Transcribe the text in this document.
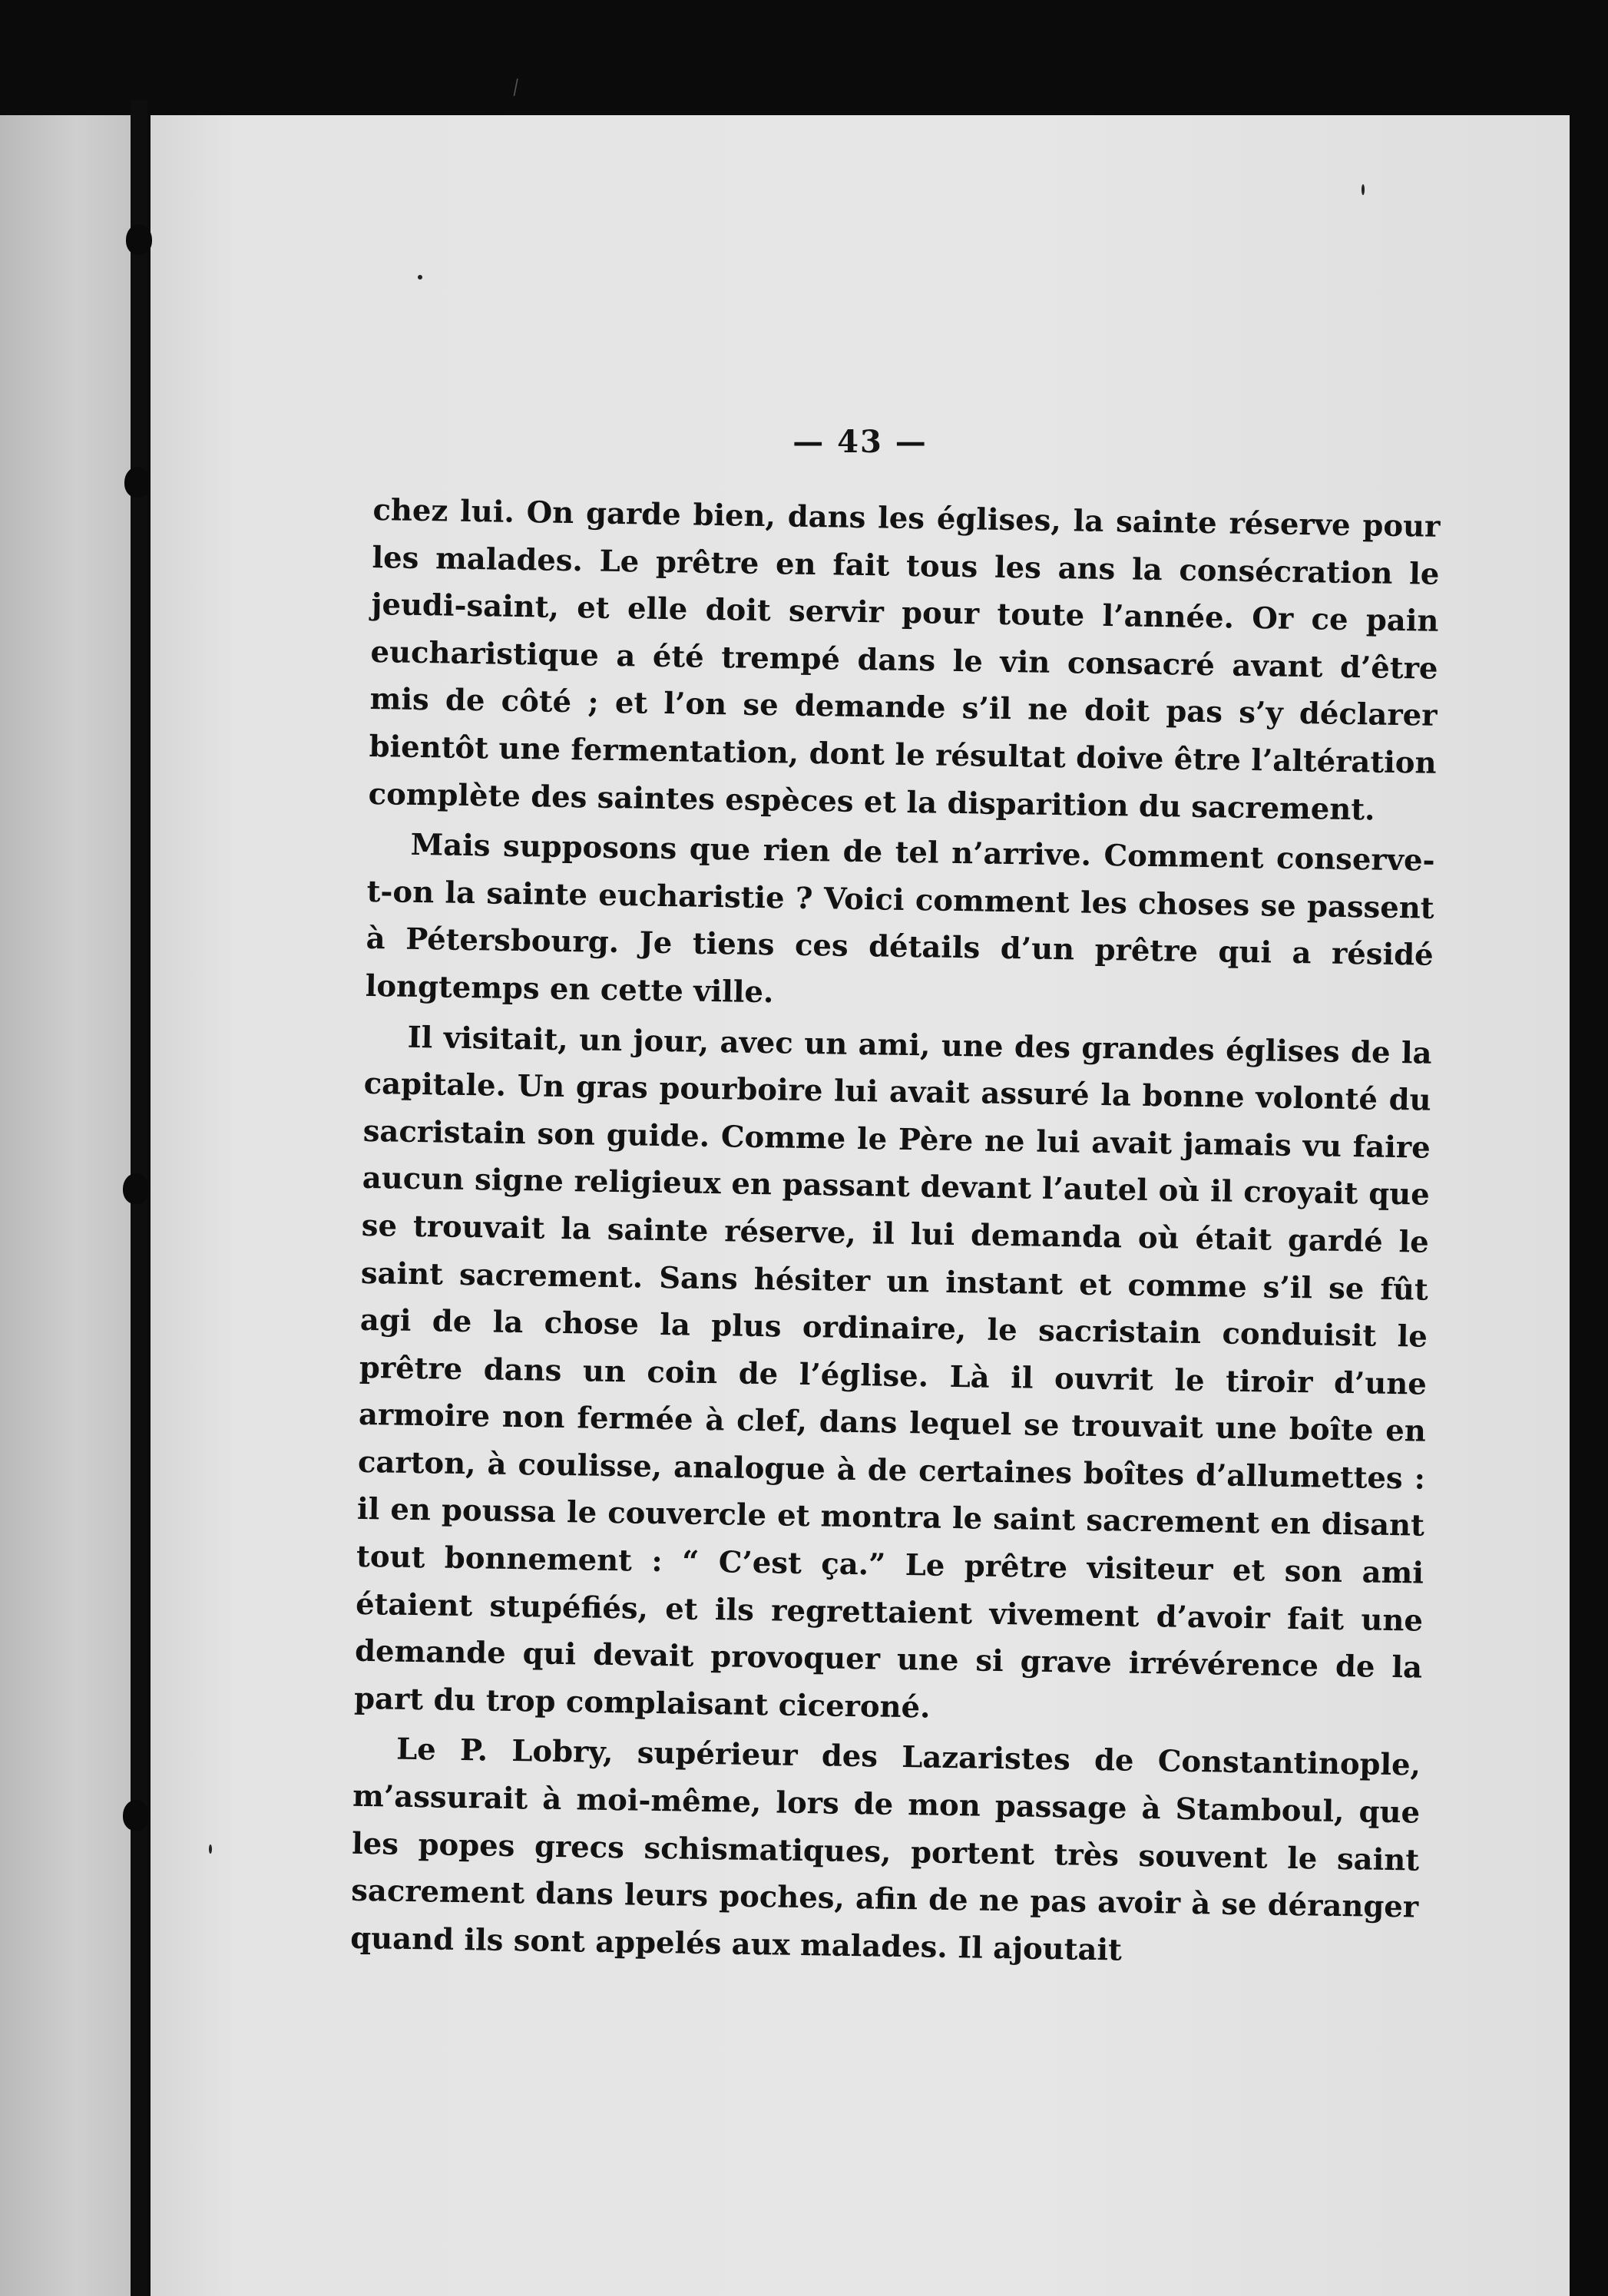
⁄
— 43 —

chez lui. On garde bien, dans les églises, la sainte réserve pour les malades. Le prêtre en fait tous les ans la consécration le jeudi-saint, et elle doit servir pour toute l’année. Or ce pain eucharistique a été trempé dans le vin consacré avant d’être mis de côté ; et l’on se demande s’il ne doit pas s’y déclarer bientôt une fermentation, dont le résultat doive être l’altération complète des saintes espèces et la disparition du sacrement.

Mais supposons que rien de tel n’arrive. Comment conserve-t-on la sainte eucharistie ? Voici comment les choses se passent à Pétersbourg. Je tiens ces détails d’un prêtre qui a résidé longtemps en cette ville.

Il visitait, un jour, avec un ami, une des grandes églises de la capitale. Un gras pourboire lui avait assuré la bonne volonté du sacristain son guide. Comme le Père ne lui avait jamais vu faire aucun signe religieux en passant devant l’autel où il croyait que se trouvait la sainte réserve, il lui demanda où était gardé le saint sacrement. Sans hésiter un instant et comme s’il se fût agi de la chose la plus ordinaire, le sacristain conduisit le prêtre dans un coin de l’église. Là il ouvrit le tiroir d’une armoire non fermée à clef, dans lequel se trouvait une boîte en carton, à coulisse, analogue à de certaines boîtes d’allumettes : il en poussa le couvercle et montra le saint sacrement en disant tout bonnement : “ C’est ça.” Le prêtre visiteur et son ami étaient stupéfiés, et ils regrettaient vivement d’avoir fait une demande qui devait provoquer une si grave irrévérence de la part du trop complaisant ciceroné.

Le P. Lobry, supérieur des Lazaristes de Constantinople, m’assurait à moi-même, lors de mon passage à Stamboul, que les popes grecs schismatiques, portent très souvent le saint sacrement dans leurs poches, afin de ne pas avoir à se déranger quand ils sont appelés aux malades. Il ajoutait
